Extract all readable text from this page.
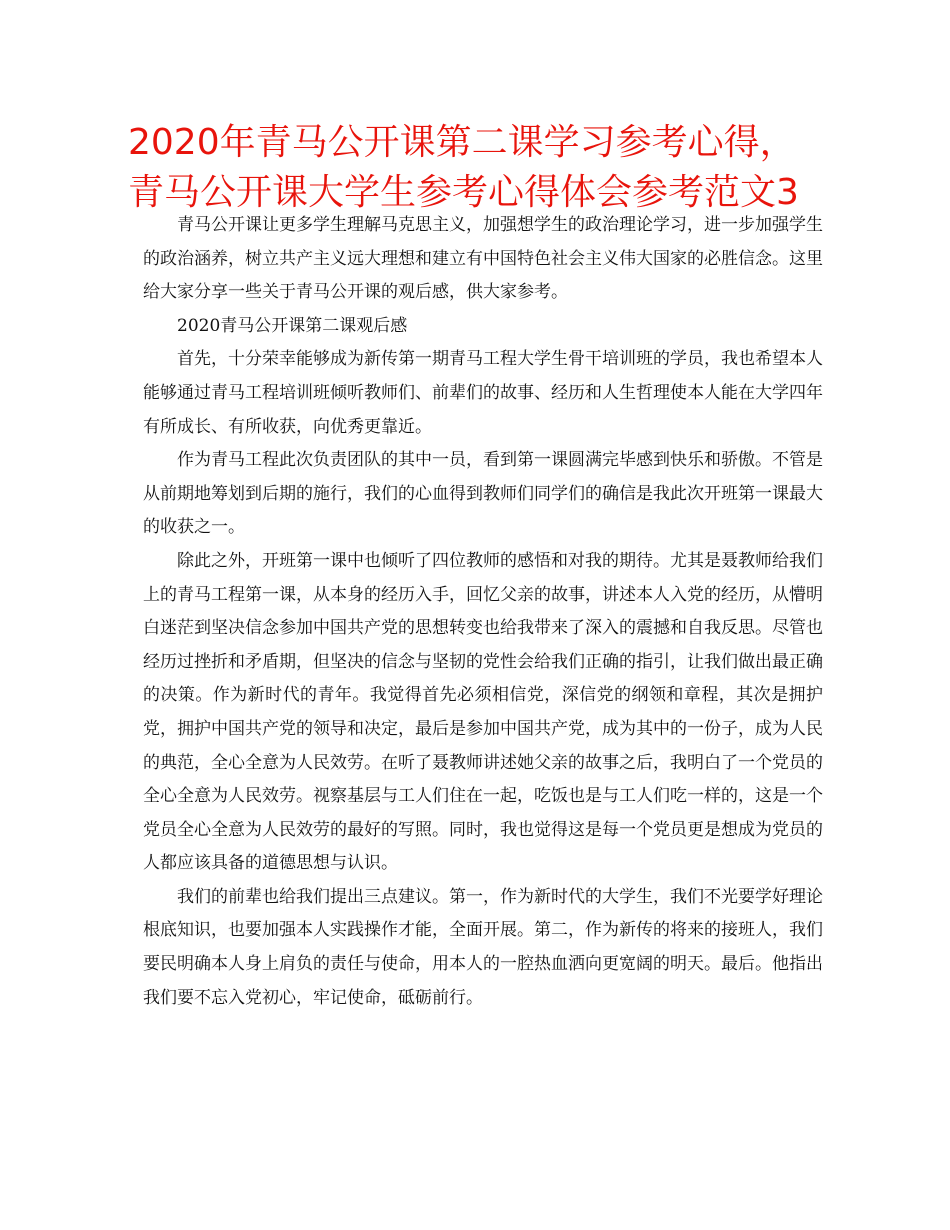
2020年青马公开课第二课学习参考心得，
青马公开课大学生参考心得体会参考范文3

青马公开课让更多学生理解马克思主义，加强想学生的政治理论学习，进一步加强学生的政治涵养，树立共产主义远大理想和建立有中国特色社会主义伟大国家的必胜信念。这里给大家分享一些关于青马公开课的观后感，供大家参考。

2020青马公开课第二课观后感

首先，十分荣幸能够成为新传第一期青马工程大学生骨干培训班的学员，我也希望本人能够通过青马工程培训班倾听教师们、前辈们的故事、经历和人生哲理使本人能在大学四年有所成长、有所收获，向优秀更靠近。

作为青马工程此次负责团队的其中一员，看到第一课圆满完毕感到快乐和骄傲。不管是从前期地筹划到后期的施行，我们的心血得到教师们同学们的确信是我此次开班第一课最大的收获之一。

除此之外，开班第一课中也倾听了四位教师的感悟和对我的期待。尤其是聂教师给我们上的青马工程第一课，从本身的经历入手，回忆父亲的故事，讲述本人入党的经历，从懵明白迷茫到坚决信念参加中国共产党的思想转变也给我带来了深入的震撼和自我反思。尽管也经历过挫折和矛盾期，但坚决的信念与坚韧的党性会给我们正确的指引，让我们做出最正确的决策。作为新时代的青年。我觉得首先必须相信党，深信党的纲领和章程，其次是拥护党，拥护中国共产党的领导和决定，最后是参加中国共产党，成为其中的一份子，成为人民的典范，全心全意为人民效劳。在听了聂教师讲述她父亲的故事之后，我明白了一个党员的全心全意为人民效劳。视察基层与工人们住在一起，吃饭也是与工人们吃一样的，这是一个党员全心全意为人民效劳的最好的写照。同时，我也觉得这是每一个党员更是想成为党员的人都应该具备的道德思想与认识。

我们的前辈也给我们提出三点建议。第一，作为新时代的大学生，我们不光要学好理论根底知识，也要加强本人实践操作才能，全面开展。第二，作为新传的将来的接班人，我们要民明确本人身上肩负的责任与使命，用本人的一腔热血洒向更宽阔的明天。最后。他指出我们要不忘入党初心，牢记使命，砥砺前行。
